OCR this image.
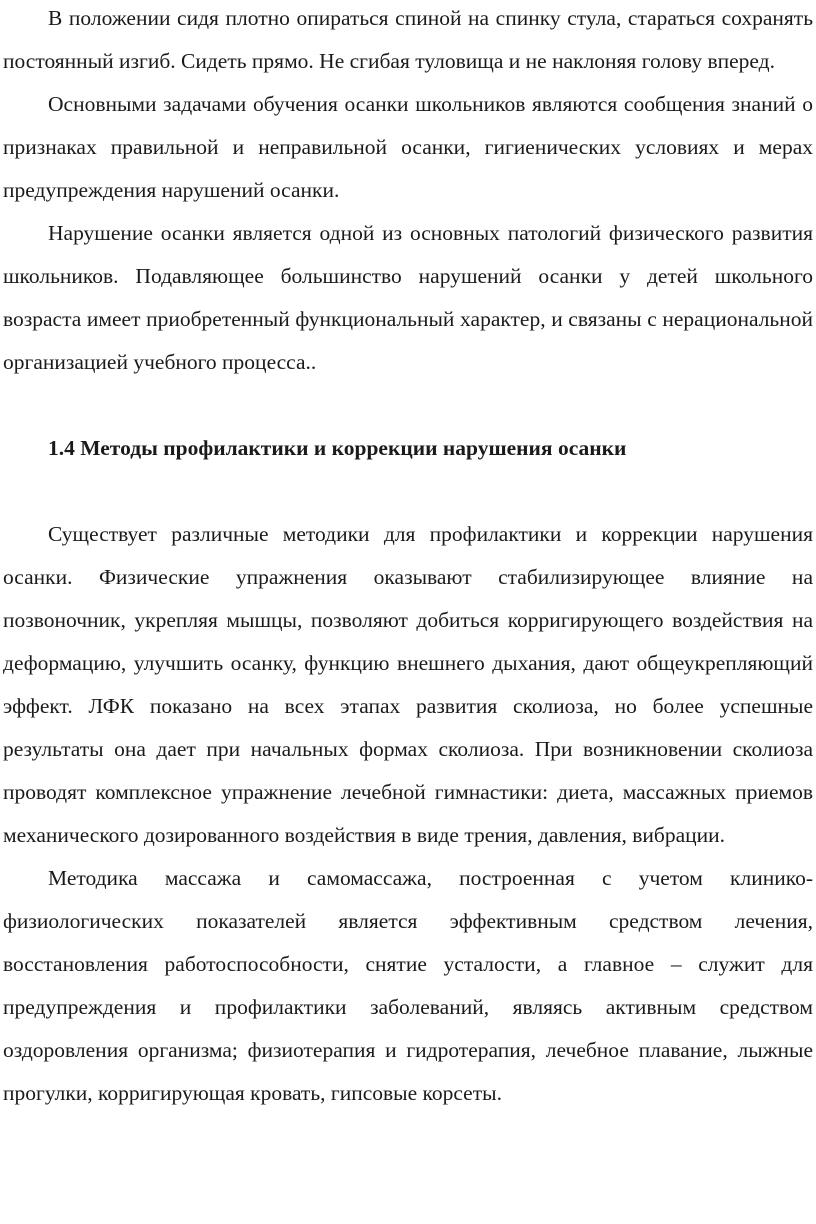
В положении сидя плотно опираться спиной на спинку стула, стараться сохранять постоянный изгиб. Сидеть прямо. Не сгибая туловища и не наклоняя голову вперед.

Основными задачами обучения осанки школьников являются сообщения знаний о признаках правильной и неправильной осанки, гигиенических условиях и мерах предупреждения нарушений осанки.

Нарушение осанки является одной из основных патологий физического развития школьников. Подавляющее большинство нарушений осанки у детей школьного возраста имеет приобретенный функциональный характер, и связаны с нерациональной организацией учебного процесса..

1.4 Методы профилактики и коррекции нарушения осанки

Существует различные методики для профилактики и коррекции нарушения осанки. Физические упражнения оказывают стабилизирующее влияние на позвоночник, укрепляя мышцы, позволяют добиться корригирующего воздействия на деформацию, улучшить осанку, функцию внешнего дыхания, дают общеукрепляющий эффект. ЛФК показано на всех этапах развития сколиоза, но более успешные результаты она дает при начальных формах сколиоза. При возникновении сколиоза проводят комплексное упражнение лечебной гимнастики: диета, массажных приемов механического дозированного воздействия в виде трения, давления, вибрации.

Методика массажа и самомассажа, построенная с учетом клинико-физиологических показателей является эффективным средством лечения, восстановления работоспособности, снятие усталости, а главное – служит для предупреждения и профилактики заболеваний, являясь активным средством оздоровления организма; физиотерапия и гидротерапия, лечебное плавание, лыжные прогулки, корригирующая кровать, гипсовые корсеты.
